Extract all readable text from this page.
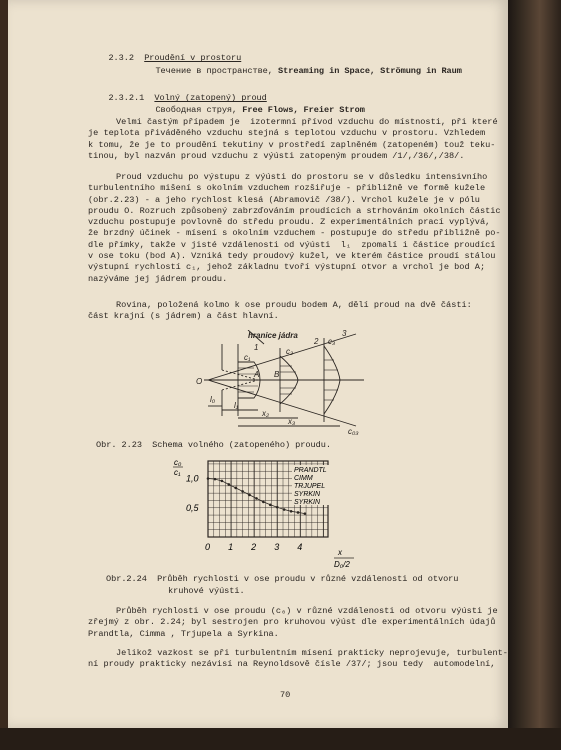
2.3.2 Proudění v prostoru

Течение в пространстве, Streaming in Space, Strömung in Raum

2.3.2.1 Volný (zatopený) proud

Свободная струя, Free Flows, Freier Strom

Velmi častým případem je  izotermní přívod vzduchu do místnosti, při které
je teplota přiváděného vzduchu stejná s teplotou vzduchu v prostoru. Vzhledem
k tomu, že je to proudění tekutiny v prostředí zaplněném (zatopeném) touž teku-
tinou, byl nazván proud vzduchu z výústi zatopeným proudem /1/,/36/,/38/.
Proud vzduchu po výstupu z výústi do prostoru se v důsledku intensivního
turbulentního mišení s okolním vzduchem rozšiřuje - přibližně ve formě kužele
(obr.2.23) - a jeho rychlost klesá (Abramovič /38/). Vrchol kužele je v pólu
proudu O. Rozruch způsobený zabrzďováním proudících a strhováním okolních částic
vzduchu postupuje povlovně do středu proudu. Z experimentálních prací vyplývá,
že brzdný účinek - mísení s okolním vzduchem - postupuje do středu přibližně po-
dle přímky, takže v jisté vzdálenosti od výústi  l₁  zpomalí i částice proudící
v ose toku (bod A). Vzniká tedy proudový kužel, ve kterém částice proudí stálou
výstupní rychlostí c₁, jehož základnu tvoří výstupní otvor a vrchol je bod A;
nazýváme jej jádrem proudu.
Rovina, položená kolmo k ose proudu bodem A, dělí proud na dvě části:
část krajní (s jádrem) a část hlavní.
hranice jádra
O
A B
c₁
c₂
c₃
l₀
l₁
x₂
x₃
c₀₃
1
2
3
Obr. 2.23  Schema volného (zatopeného) proudu.
c₀
c₁
1,0
0,5
0 1 2 3 4
PRANDTL
CIMM
TRJUPEL
SYRKIN
SYRKIN
x
D₀/2
Obr.2.24  Průběh rychlosti v ose proudu v různé vzdálenosti od otvoru
kruhové výústi.
Průběh rychlosti v ose proudu (c₀) v různé vzdálenosti od otvoru výústi je
zřejmý z obr. 2.24; byl sestrojen pro kruhovou výúst dle experimentálních údajů
Prandtla, Cimma , Trjupela a Syrkina.
Jelikož vazkost se při turbulentním mísení prakticky neprojevuje, turbulent-
ní proudy prakticky nezávisí na Reynoldsově čísle /37/; jsou tedy  automodelní,
70
